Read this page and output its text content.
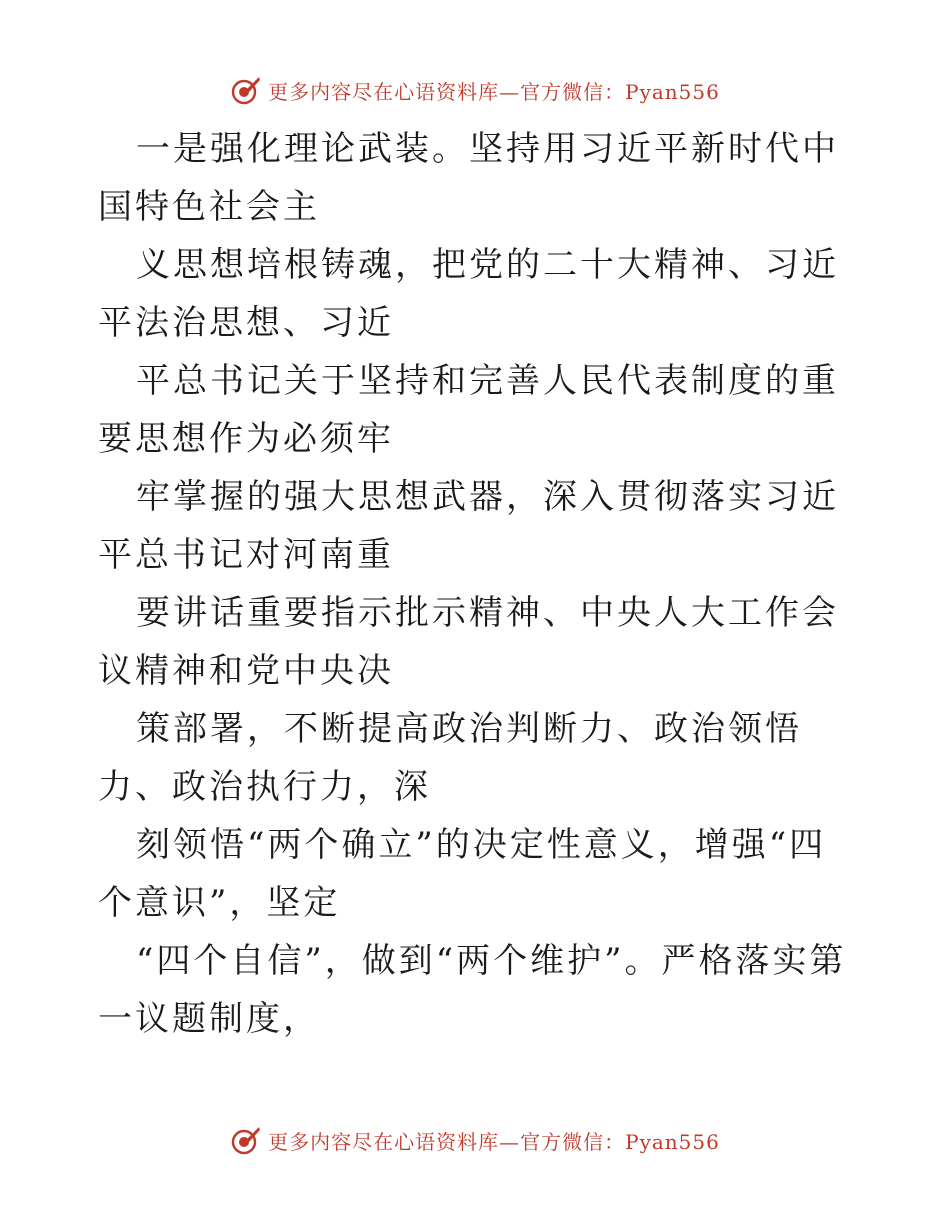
更多内容尽在心语资料库—官方微信：Pyan556

一是强化理论武装。坚持用习近平新时代中国特色社会主

义思想培根铸魂，把党的二十大精神、习近平法治思想、习近

平总书记关于坚持和完善人民代表制度的重要思想作为必须牢

牢掌握的强大思想武器，深入贯彻落实习近平总书记对河南重

要讲话重要指示批示精神、中央人大工作会议精神和党中央决

策部署，不断提高政治判断力、政治领悟力、政治执行力，深

刻领悟“两个确立”的决定性意义，增强“四个意识”，坚定

“四个自信”，做到“两个维护”。严格落实第一议题制度，

更多内容尽在心语资料库—官方微信：Pyan556
